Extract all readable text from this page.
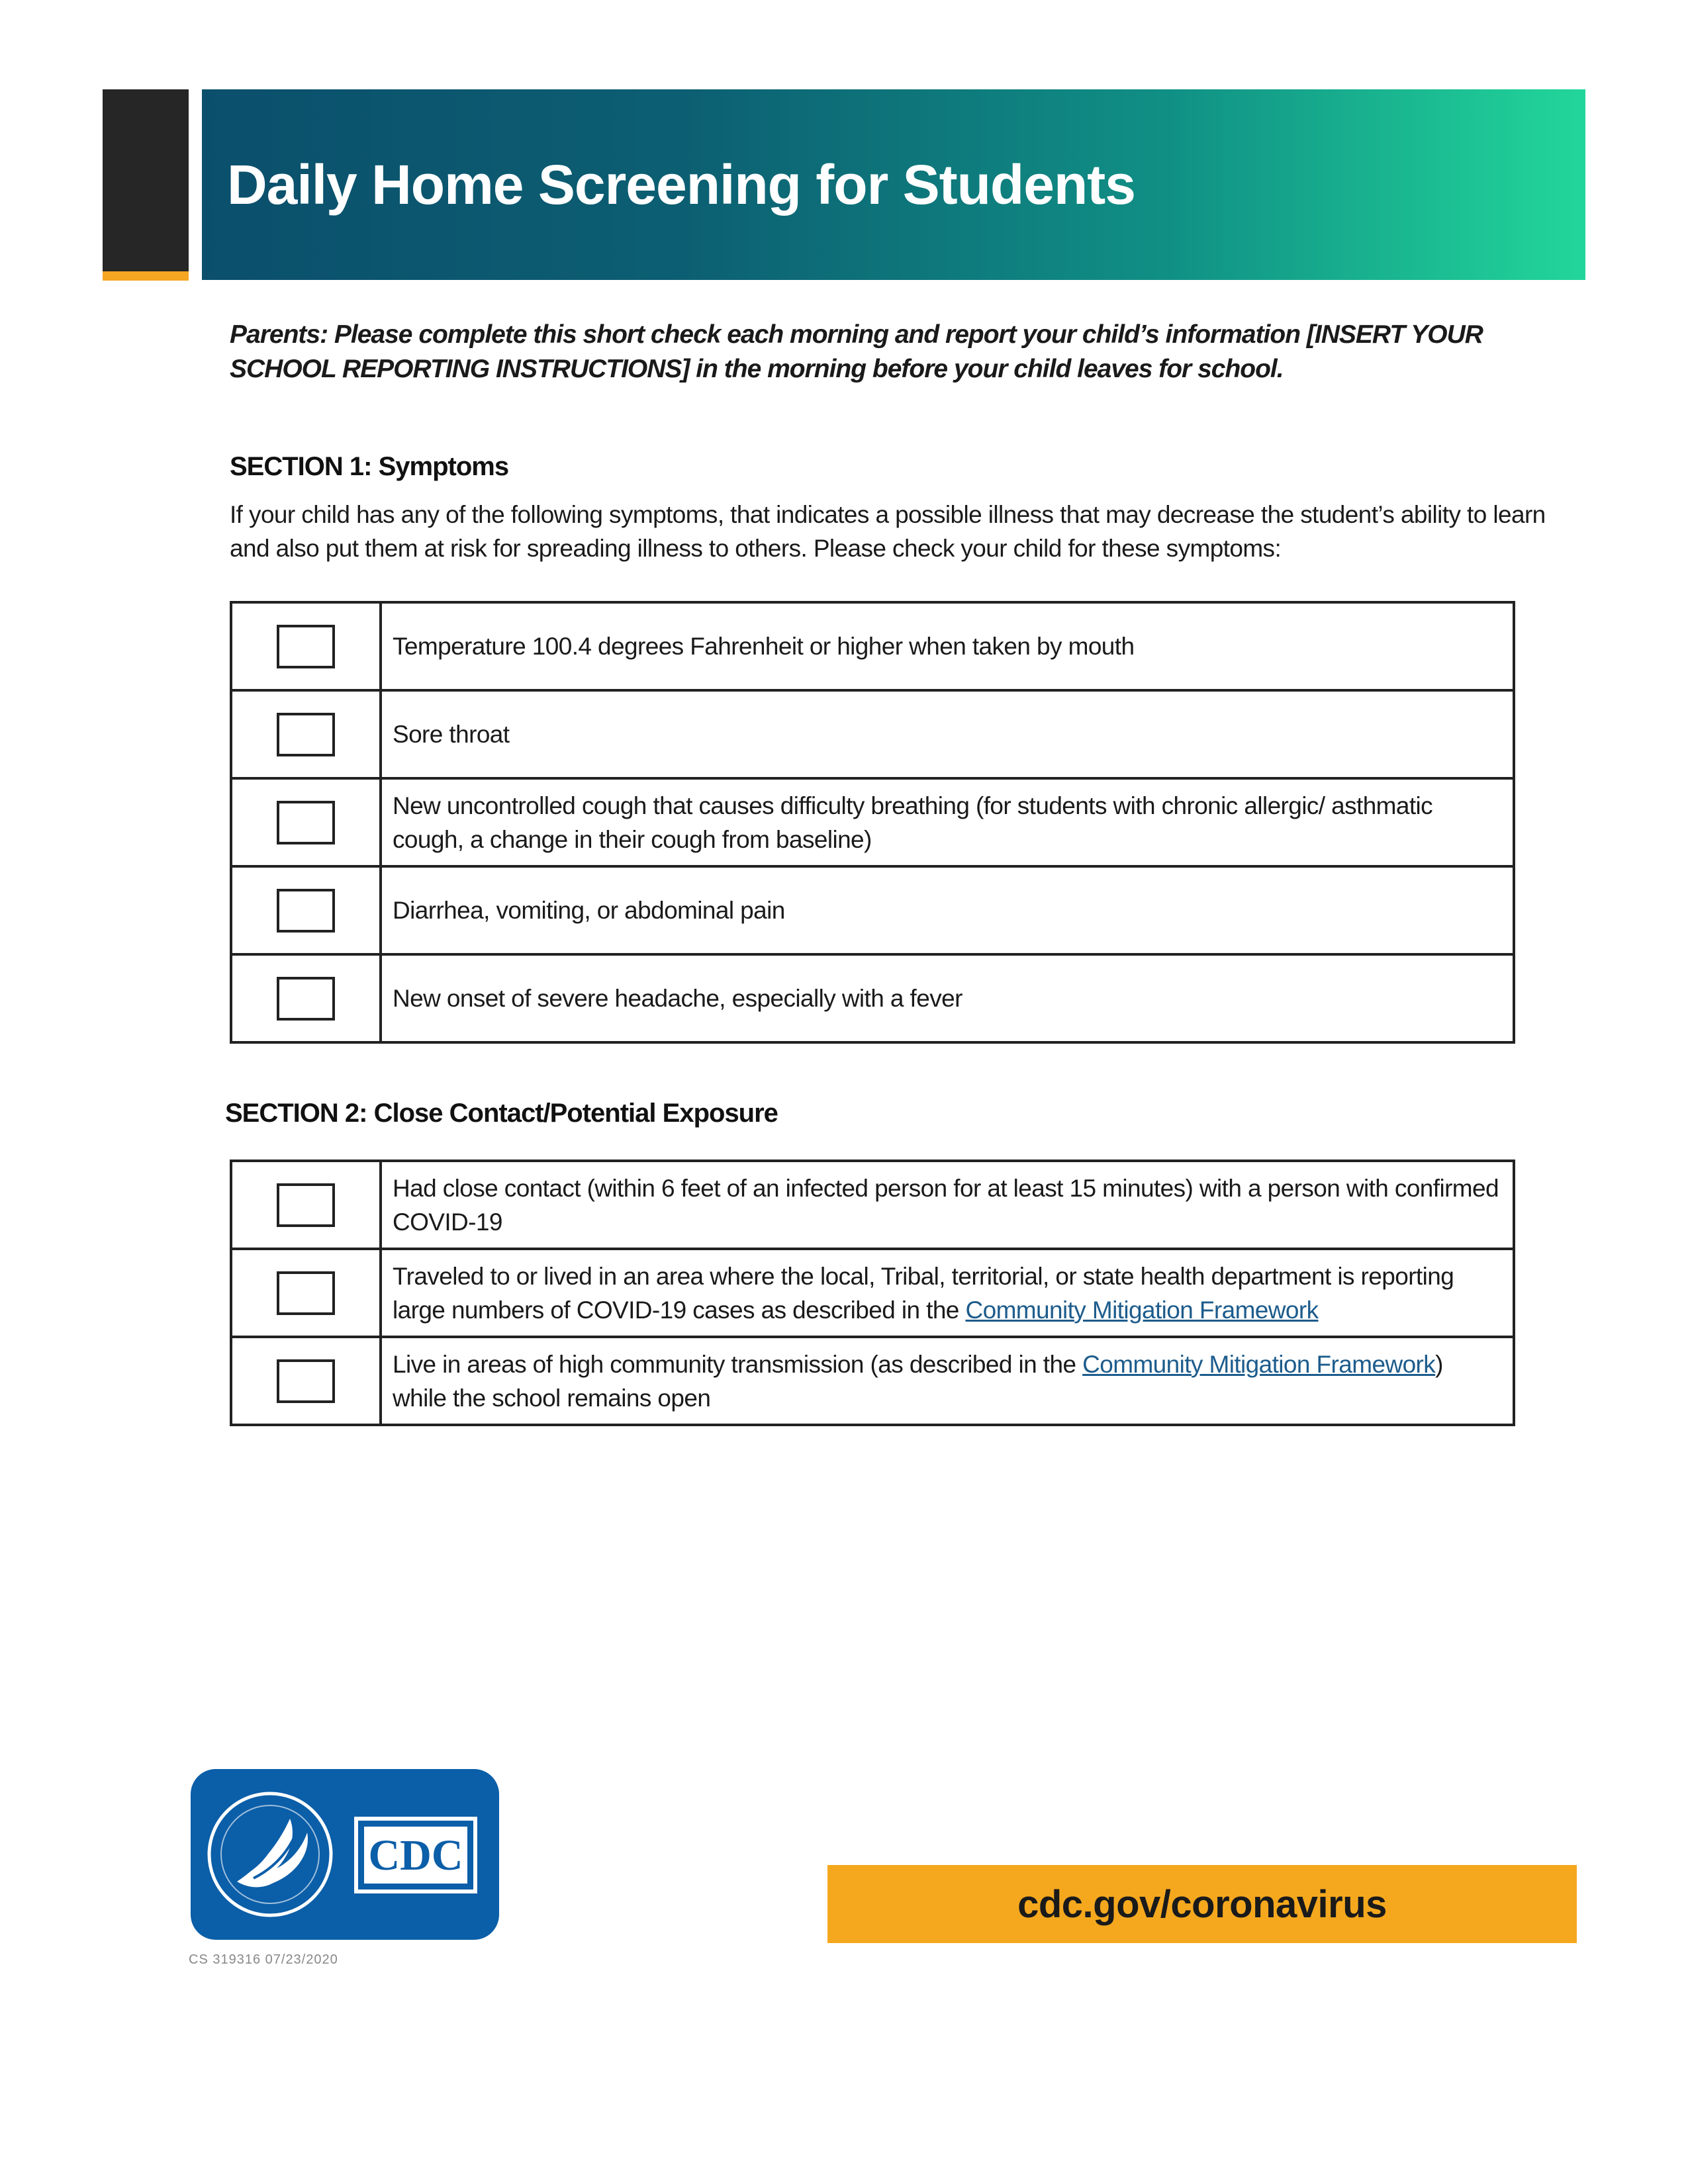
Daily Home Screening for Students
Parents: Please complete this short check each morning and report your child’s information [INSERT YOUR SCHOOL REPORTING INSTRUCTIONS] in the morning before your child leaves for school.
SECTION 1: Symptoms
If your child has any of the following symptoms, that indicates a possible illness that may decrease the student’s ability to learn and also put them at risk for spreading illness to others. Please check your child for these symptoms:
	Temperature 100.4 degrees Fahrenheit or higher when taken by mouth
	Sore throat
	New uncontrolled cough that causes difficulty breathing (for students with chronic allergic/ asthmatic cough, a change in their cough from baseline)
	Diarrhea, vomiting, or abdominal pain
	New onset of severe headache, especially with a fever
SECTION 2: Close Contact/Potential Exposure
	Had close contact (within 6 feet of an infected person for at least 15 minutes) with a person with confirmed COVID-19
	Traveled to or lived in an area where the local, Tribal, territorial, or state health department is reporting large numbers of COVID-19 cases as described in the Community Mitigation Framework
	Live in areas of high community transmission (as described in the Community Mitigation Framework) while the school remains open
CDC
CS 319316 07/23/2020
cdc.gov/coronavirus
